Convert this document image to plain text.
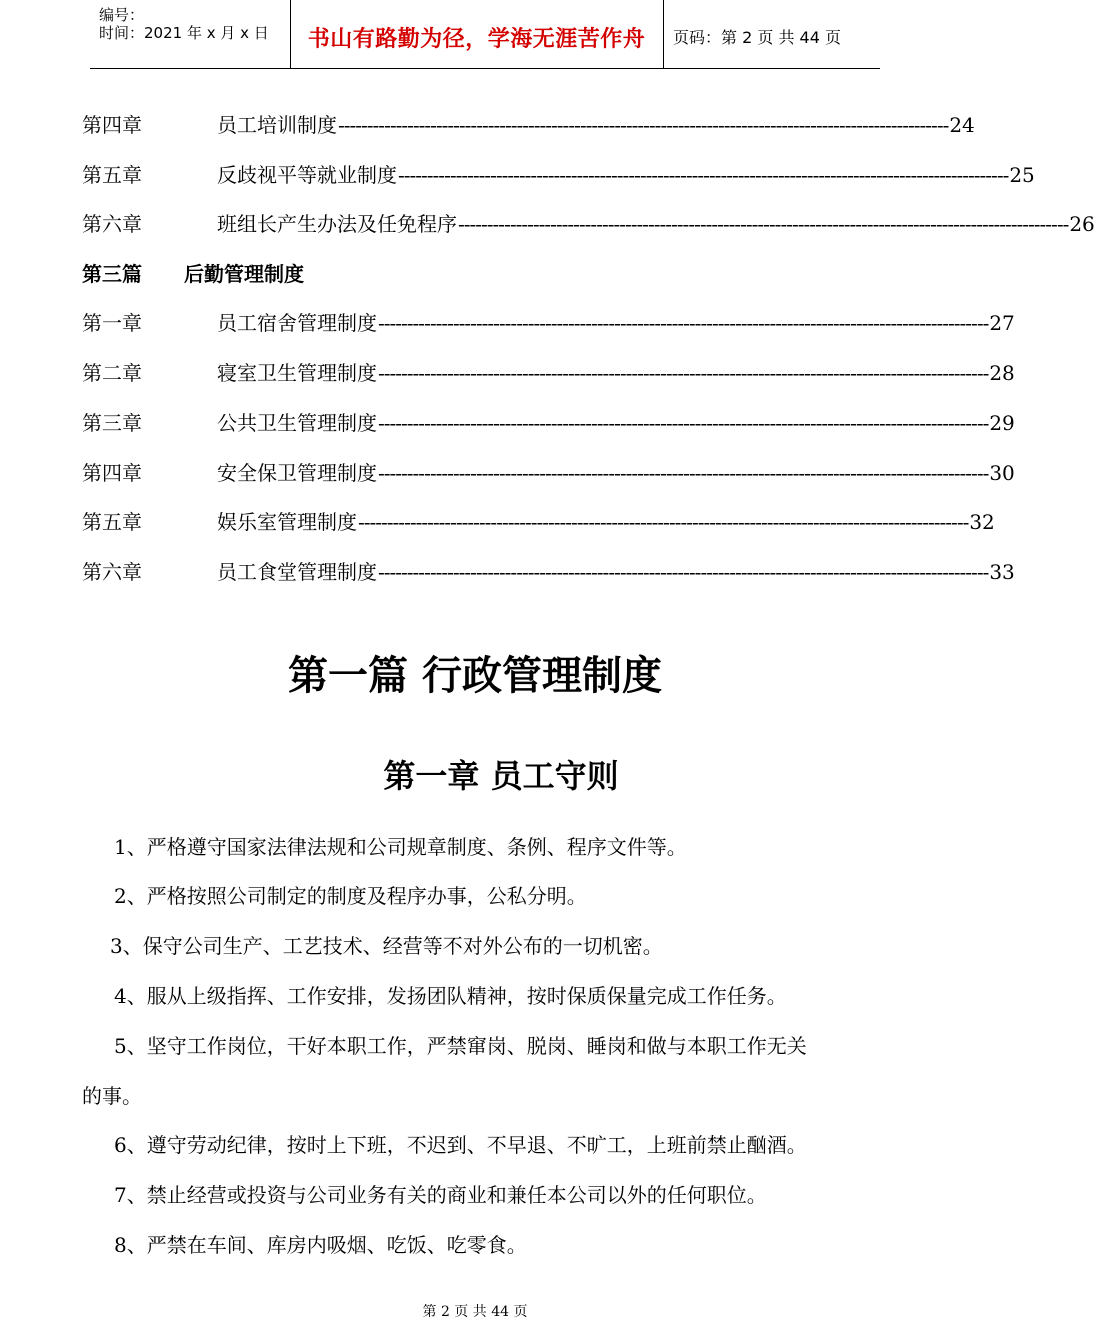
编号：
时间：2021 年 x 月 x 日	书山有路勤为径，学海无涯苦作舟	页码：第 2 页 共 44 页
第四章	员工培训制度 ---------------------------------------------------------------------------------------------------------- 24
第五章	反歧视平等就业制度 ---------------------------------------------------------------------------------------------------------- 25
第六章	班组长产生办法及任免程序 ---------------------------------------------------------------------------------------------------------- 26
第三篇 后勤管理制度
第一章	员工宿舍管理制度 ---------------------------------------------------------------------------------------------------------- 27
第二章	寝室卫生管理制度 ---------------------------------------------------------------------------------------------------------- 28
第三章	公共卫生管理制度 ---------------------------------------------------------------------------------------------------------- 29
第四章	安全保卫管理制度 ---------------------------------------------------------------------------------------------------------- 30
第五章	娱乐室管理制度 ---------------------------------------------------------------------------------------------------------- 32
第六章	员工食堂管理制度 ---------------------------------------------------------------------------------------------------------- 33
第一篇 行政管理制度
第一章 员工守则
1、严格遵守国家法律法规和公司规章制度、条例、程序文件等。
2、严格按照公司制定的制度及程序办事，公私分明。
3、保守公司生产、工艺技术、经营等不对外公布的一切机密。
4、服从上级指挥、工作安排，发扬团队精神，按时保质保量完成工作任务。
5、坚守工作岗位，干好本职工作，严禁窜岗、脱岗、睡岗和做与本职工作无关
的事。
6、遵守劳动纪律，按时上下班，不迟到、不早退、不旷工，上班前禁止酗酒。
7、禁止经营或投资与公司业务有关的商业和兼任本公司以外的任何职位。
8、严禁在车间、库房内吸烟、吃饭、吃零食。
第 2 页 共 44 页
